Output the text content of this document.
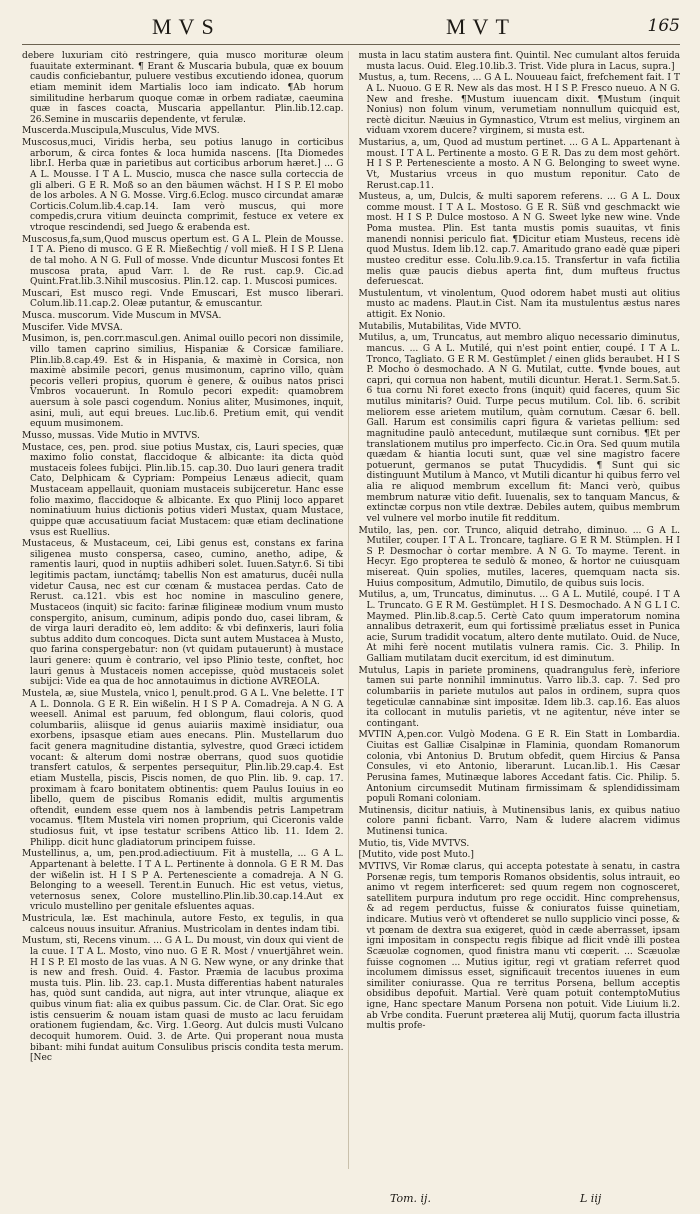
MVS	MVT	165

debere luxuriam citò restringere, quia musco morituræ oleum fuauitate exterminant. ¶ Erant & Muscaria bubula, quæ ex bouum caudis conficiebantur, puluere vestibus excutiendo idonea, quorum etiam meminit idem Martialis loco iam indicato. ¶Ab horum similitudine herbarum quoque comæ in orbem radiatæ, caeumina quæ in fasces coacta, Muscaria appellantur. Plin.lib.12.cap. 26.Semine in muscariis dependente, vt ferulæ.

Muscerda.Muscipula,Musculus, Vide MVS.

Muscosus,muci, Viridis herba, seu potius lanugo in corticibus arborum, & circa fontes & loca humida nascens. [Ita Diomedes libr.I. Herba quæ in parietibus aut corticibus arborum hæret.] ... G A L. Mousse. I T A L. Muscio, musca che nasce sulla corteccia de gli alberi. G E R. Moß so an den bäumen wächst. H I S P. El mobo de los arboles. A N G. Mosse. Virg.6.Eclog. musco circundat amaræ Corticis.Colum.lib.4.cap.14. Iam verò muscus, qui more compedis,crura vitium deuincta comprimit, festuce ex vetere ex vtroque rescindendi, sed Juego & erabenda est.

Muscosus,fa,sum,Quod muscus opertum est. G A L. Plein de Mousse. I T A. Pieno di musco. G E R. Mießechtig / voll mieß. H I S P. Llena de tal moho. A N G. Full of mosse. Vnde dicuntur Muscosi fontes Et muscosa prata, apud Varr. l. de Re rust. cap.9. Cic.ad Quint.Frat.lib.3.Nihil muscosius. Plin.12. cap. 1. Muscosi pumices.

Muscari, Est musco regi. Vnde Emuscari, Est musco liberari. Colum.lib.11.cap.2. Oleæ putantur, & emuscantur.

Musca. muscorum. Vide Muscum in MVSA.

Muscifer. Vide MVSA.

Musimon, is, pen.corr.mascul.gen. Animal ouillo pecori non dissimile, villo tamen caprino similius, Hispaniæ & Corsicæ familiare. Plin.lib.8.cap.49. Est & in Hispania, & maximè in Corsica, non maximè absimile pecori, genus musimonum, caprino villo, quàm pecoris velleri propius, quorum è genere, & ouibus natos prisci Vmbros vocauerunt. In Romulo pecori expedit: quamobrem auersum à sole pasci cogendum. Nonius aliter, Musimones, inquit, asini, muli, aut equi breues. Luc.lib.6. Pretium emit, qui vendit equum musimonem.

Musso, mussas. Vide Mutio in MVTVS.

Mustace, ces, pen. prod. siue potius Mustax, cis, Lauri species, quæ maximo folio constat, flaccidoque & albicante: ita dicta quòd mustaceis folees fubijci. Plin.lib.15. cap.30. Duo lauri genera tradit Cato, Delphicam & Cypriam: Pompeius Lenæus adiecit, quam Mustaceam appellauit, quoniam mustaceis subijceretur. Hanc esse folio maximo, flaccidoque & albicante. Ex quo Plinij loco apparet nominatiuum huius dictionis potius videri Mustax, quam Mustace, quippe quæ accusatiuum faciat Mustacem: quæ etiam declinatione vsus est Ruellius.

Mustaceus, & Mustaceum, cei, Libi genus est, constans ex farina siligenea musto conspersa, caseo, cumino, anetho, adipe, & ramentis lauri, quod in nuptiis adhiberi solet. Iuuen.Satyr.6. Si tibi legitimis pactam, iunctámq; tabellis Non est amaturus, ducêi nulla videtur Causa, nec est cur cœnam & mustacea perdas. Cato de Rerust. ca.121. vbis est hoc nomine in masculino genere, Mustaceos (inquit) sic facito: farinæ filigineæ modium vnum musto conspergito, anisum, cuminum, adipis pondo duo, casei libram, & de virga lauri deradito eò, lem addito: & vbi definxeris, lauri folia subtus addito dum concoques. Dicta sunt autem Mustacea à Musto, quo farina conspergebatur: non (vt quidam putauerunt) à mustace lauri genere: quum è contrario, vel ipso Plinio teste, conftet, hoc lauri genus à Mustaceis nomen accepisse, quòd mustaceis solet subijci: Vide ea qua de hoc annotauimus in dictione AVREOLA.

Mustela, æ, siue Mustela, vnico l, penult.prod. G A L. Vne belette. I T A L. Donnola. G E R. Ein wißelin. H I S P A. Comadreja. A N G. A weesell. Animal est paruum, fed oblongum, flaui coloris, quod columbariis, aliisque id genus auiariis maximè insidiatur, oua exorbens, ipsasque etiam aues enecans. Plin. Mustellarum duo facit genera magnitudine distantia, sylvestre, quod Græci ictidem vocant: & alterum domi nostræ oberrans, quod suos quotidie transfert catulos, & serpentes persequitur, Plin.lib.29.cap.4. Est etiam Mustella, piscis, Piscis nomen, de quo Plin. lib. 9. cap. 17. proximam à fcaro bonitatem obtinentis: quem Paulus Iouius in eo libello, quem de piscibus Romanis edidit, multis argumentis oftendit, eundem esse quem nos à lambendis petris Lampetram vocamus. ¶Item Mustela viri nomen proprium, qui Ciceronis valde studiosus fuit, vt ipse testatur scribens Attico lib. 11. Idem 2. Philipp. dicit hunc gladiatorum principem fuisse.

Mustellinus, a, um, pen.prod.adiectiuum. Fit à mustella, ... G A L. Appartenant à belette. I T A L. Pertinente à donnola. G E R M. Das der wißelin ist. H I S P A. Pertenesciente a comadreja. A N G. Belonging to a weesell. Terent.in Eunuch. Hic est vetus, vietus, veternosus senex, Colore mustellino.Plin.lib.30.cap.14.Aut ex vriculo mustellino per genitale efsluentes aquas.

Mustricula, læ. Est machinula, autore Festo, ex tegulis, in qua calceus nouus insuitur. Afranius. Mustricolam in dentes indam tibi.

Mustum, sti, Recens vinum. ... G A L. Du moust, vin doux qui vient de la cuue. I T A L. Mosto, vino nuo. G E R. Most / vnuertjähret wein. H I S P. El mosto de las vuas. A N G. New wyne, or any drinke that is new and fresh. Ouid. 4. Fastor. Præmia de lacubus proxima musta tuis. Plin. lib. 23. cap.1. Musta differentias habent naturales has, quòd sunt candida, aut nigra, aut inter vtrunque, aliaque ex quibus vinum fiat: alia ex quibus passum. Cic. de Clar. Orat. Sic ego istis censuerim & nouam istam quasi de musto ac lacu feruidam orationem fugiendam, &c. Virg. 1.Georg. Aut dulcis musti Vulcano decoquit humorem. Ouid. 3. de Arte. Qui properant noua musta bibant: mihi fundat auitum Consulibus priscis condita testa merum. [Nec

musta in lacu statim austera fint. Quintil. Nec cumulant altos feruida musta lacus. Ouid. Eleg.10.lib.3. Trist. Vide plura in Lacus, supra.]

Mustus, a, tum. Recens, ... G A L. Nouueau faict, frefchement fait. I T A L. Nuouo. G E R. New als das most. H I S P. Fresco nueuo. A N G. New and freshe. ¶Mustum iuuencam dixit. ¶Mustum (inquit Nonius) non folum vinum, verumetiam nonnullum quicquid est, rectè dicitur. Næuius in Gymnastico, Vtrum est melius, virginem an viduam vxorem ducere? virginem, si musta est.

Mustarius, a, um, Quod ad mustum pertinet. ... G A L. Appartenant à moust. I T A L. Pertinente a mosto. G E R. Das zu dem most gehört. H I S P. Pertenesciente a mosto. A N G. Belonging to sweet wyne. Vt, Mustarius vrceus in quo mustum reponitur. Cato de Rerust.cap.11.

Musteus, a, um, Dulcis, & multi saporem referens. ... G A L. Doux comme moust. I T A L. Mostoso. G E R. Süß vnd geschmackt wie most. H I S P. Dulce mostoso. A N G. Sweet lyke new wine. Vnde Poma mustea. Plin. Est tanta mustis pomis suauitas, vt finis manendi nonnisi periculo fiat. ¶Dicitur etiam Musteus, recens idè quod Mustus. Idem lib.12. cap.7. Amaritudo grano eadè quæ piperi musteo creditur esse. Colu.lib.9.ca.15. Transfertur in vafa fictilia melis quæ paucis diebus aperta fint, dum mufteus fructus deferuescat.

Mustulentum, vt vinolentum, Quod odorem habet musti aut olitius musto ac madens. Plaut.in Cist. Nam ita mustulentus æstus nares attigit. Ex Nonio.

Mutabilis, Mutabilitas, Vide MVTO.

Mutilus, a, um, Truncatus, aut membro aliquo necessario diminutus, mancus. ... G A L. Mutilé, qui n'est point entier, coupé. I T A L. Tronco, Tagliato. G E R M. Gestümplet / einen glids beraubet. H I S P. Mocho ò desmochado. A N G. Mutilat, cutte. ¶vnde boues, aut capri, qui cornua non habent, mutili dicuntur. Herat.1. Serm.Sat.5. 6 tua cornu Ni foret execto frons (inquit) quid faceres, quum Sic mutilus minitaris? Ouid. Turpe pecus mutilum. Col. lib. 6. scribit meliorem esse arietem mutilum, quàm cornutum. Cæsar 6. bell. Gall. Harum est consimilis capri figura & varietas pellium: sed magnitudine paulò antecedunt, mutilæque sunt cornibus. ¶Et per translationem mutilus pro imperfecto. Cic.in Ora. Sed quum mutila quædam & hiantia locuti sunt, quæ vel sine magistro facere potuerunt, germanos se putat Thucydidis. ¶ Sunt qui sic distinguunt Mutilum à Manco, vt Mutili dicantur hi quibus ferro vel alia re aliquod membrum excellum fit: Manci verò, quibus membrum naturæ vitio defit. Iuuenalis, sex to tanquam Mancus, & extinctæ corpus non vtile dextræ. Debiles autem, quibus membrum vel vulnere vel morbo inutile fit redditum.

Mutilo, las, pen. cor. Trunco, aliquid detraho, diminuo. ... G A L. Mutiler, couper. I T A L. Troncare, tagliare. G E R M. Stümplen. H I S P. Desmochar ò cortar membre. A N G. To mayme. Terent. in Hecyr. Ego propterea te sedulò & moneo, & hortor ne cuiusquam misereat. Quin spolies, mutiles, laceres, quemquam nacta sis. Huius compositum, Admutilo, Dimutilo, de quibus suis locis.

Mutilus, a, um, Truncatus, diminutus. ... G A L. Mutilé, coupé. I T A L. Truncato. G E R M. Gestümplet. H I S. Desmochado. A N G L I C. Maymed. Plin.lib.8.cap.5. Certè Cato quum imperatorum nomina annalibus detraxerit, eum qui fortissimè præliatus esset in Punica acie, Surum tradidit vocatum, altero dente mutilato. Ouid. de Nuce, At mihi ferè nocent mutilatis vulnera ramis. Cic. 3. Philip. In Galliam mutilatam ducit exercitum, id est diminutum.

Mutulus, Lapis in pariete prominens, quadrangulus ferè, inferiore tamen sui parte nonnihil imminutus. Varro lib.3. cap. 7. Sed pro columbariis in pariete mutulos aut palos in ordinem, supra quos tegeticulæ cannabinæ sint impositæ. Idem lib.3. cap.16. Eas aluos ita collocant in mutulis parietis, vt ne agitentur, néve inter se contingant.

MVTIN A,pen.cor. Vulgò Modena. G E R. Ein Statt in Lombardia. Ciuitas est Galliæ Cisalpinæ in Flaminia, quondam Romanorum colonia, vbi Antonius D. Brutum obfedit, quem Hircius & Pansa Consules, vi eto Antonio, liberarunt. Lucan.lib.1. His Cæsar Perusina fames, Mutinæque labores Accedant fatis. Cic. Philip. 5. Antonium circumsedit Mutinam firmissimam & splendidissimam populi Romani coloniam.

Mutinensis, dicitur natiuis, à Mutinensibus lanis, ex quibus natiuo colore panni ficbant. Varro, Nam & ludere alacrem vidimus Mutinensi tunica.

Mutio, tis, Vide MVTVS.

[Mutito, vide post Muto.]

MVTIVS, Vir Romæ clarus, qui accepta potestate à senatu, in castra Porsenæ regis, tum temporis Romanos obsidentis, solus intrauit, eo animo vt regem interficeret: sed quum regem non cognosceret, satellitem purpura indutum pro rege occidit. Hinc comprehensus, & ad regem perductus, fuisse & coniuratos fuisse quinetiam, indicare. Mutius verò vt oftenderet se nullo supplicio vinci posse, & vt pœnam de dextra sua exigeret, quòd in cæde aberrasset, ipsam igni impositam in conspectu regis fibique ad flicit vndè illi postea Scæuolæ cognomen, quod finistra manu vti cœperit. ... Scæuolæ fuisse cognomen ... Mutius igitur, regi vt gratiam referret quod incolumem dimissus esset, significauit trecentos iuuenes in eum similiter coniurasse. Qua re territus Porsena, bellum acceptis obsidibus depofuit. Martial. Verè quam potuit contemptoMutius igne, Hanc spectare Manum Porsena non potuit. Vide Liuium li.2. ab Vrbe condita. Fuerunt præterea alij Mutij, quorum facta illustria multis profe-

Tom. ij.	L iij
